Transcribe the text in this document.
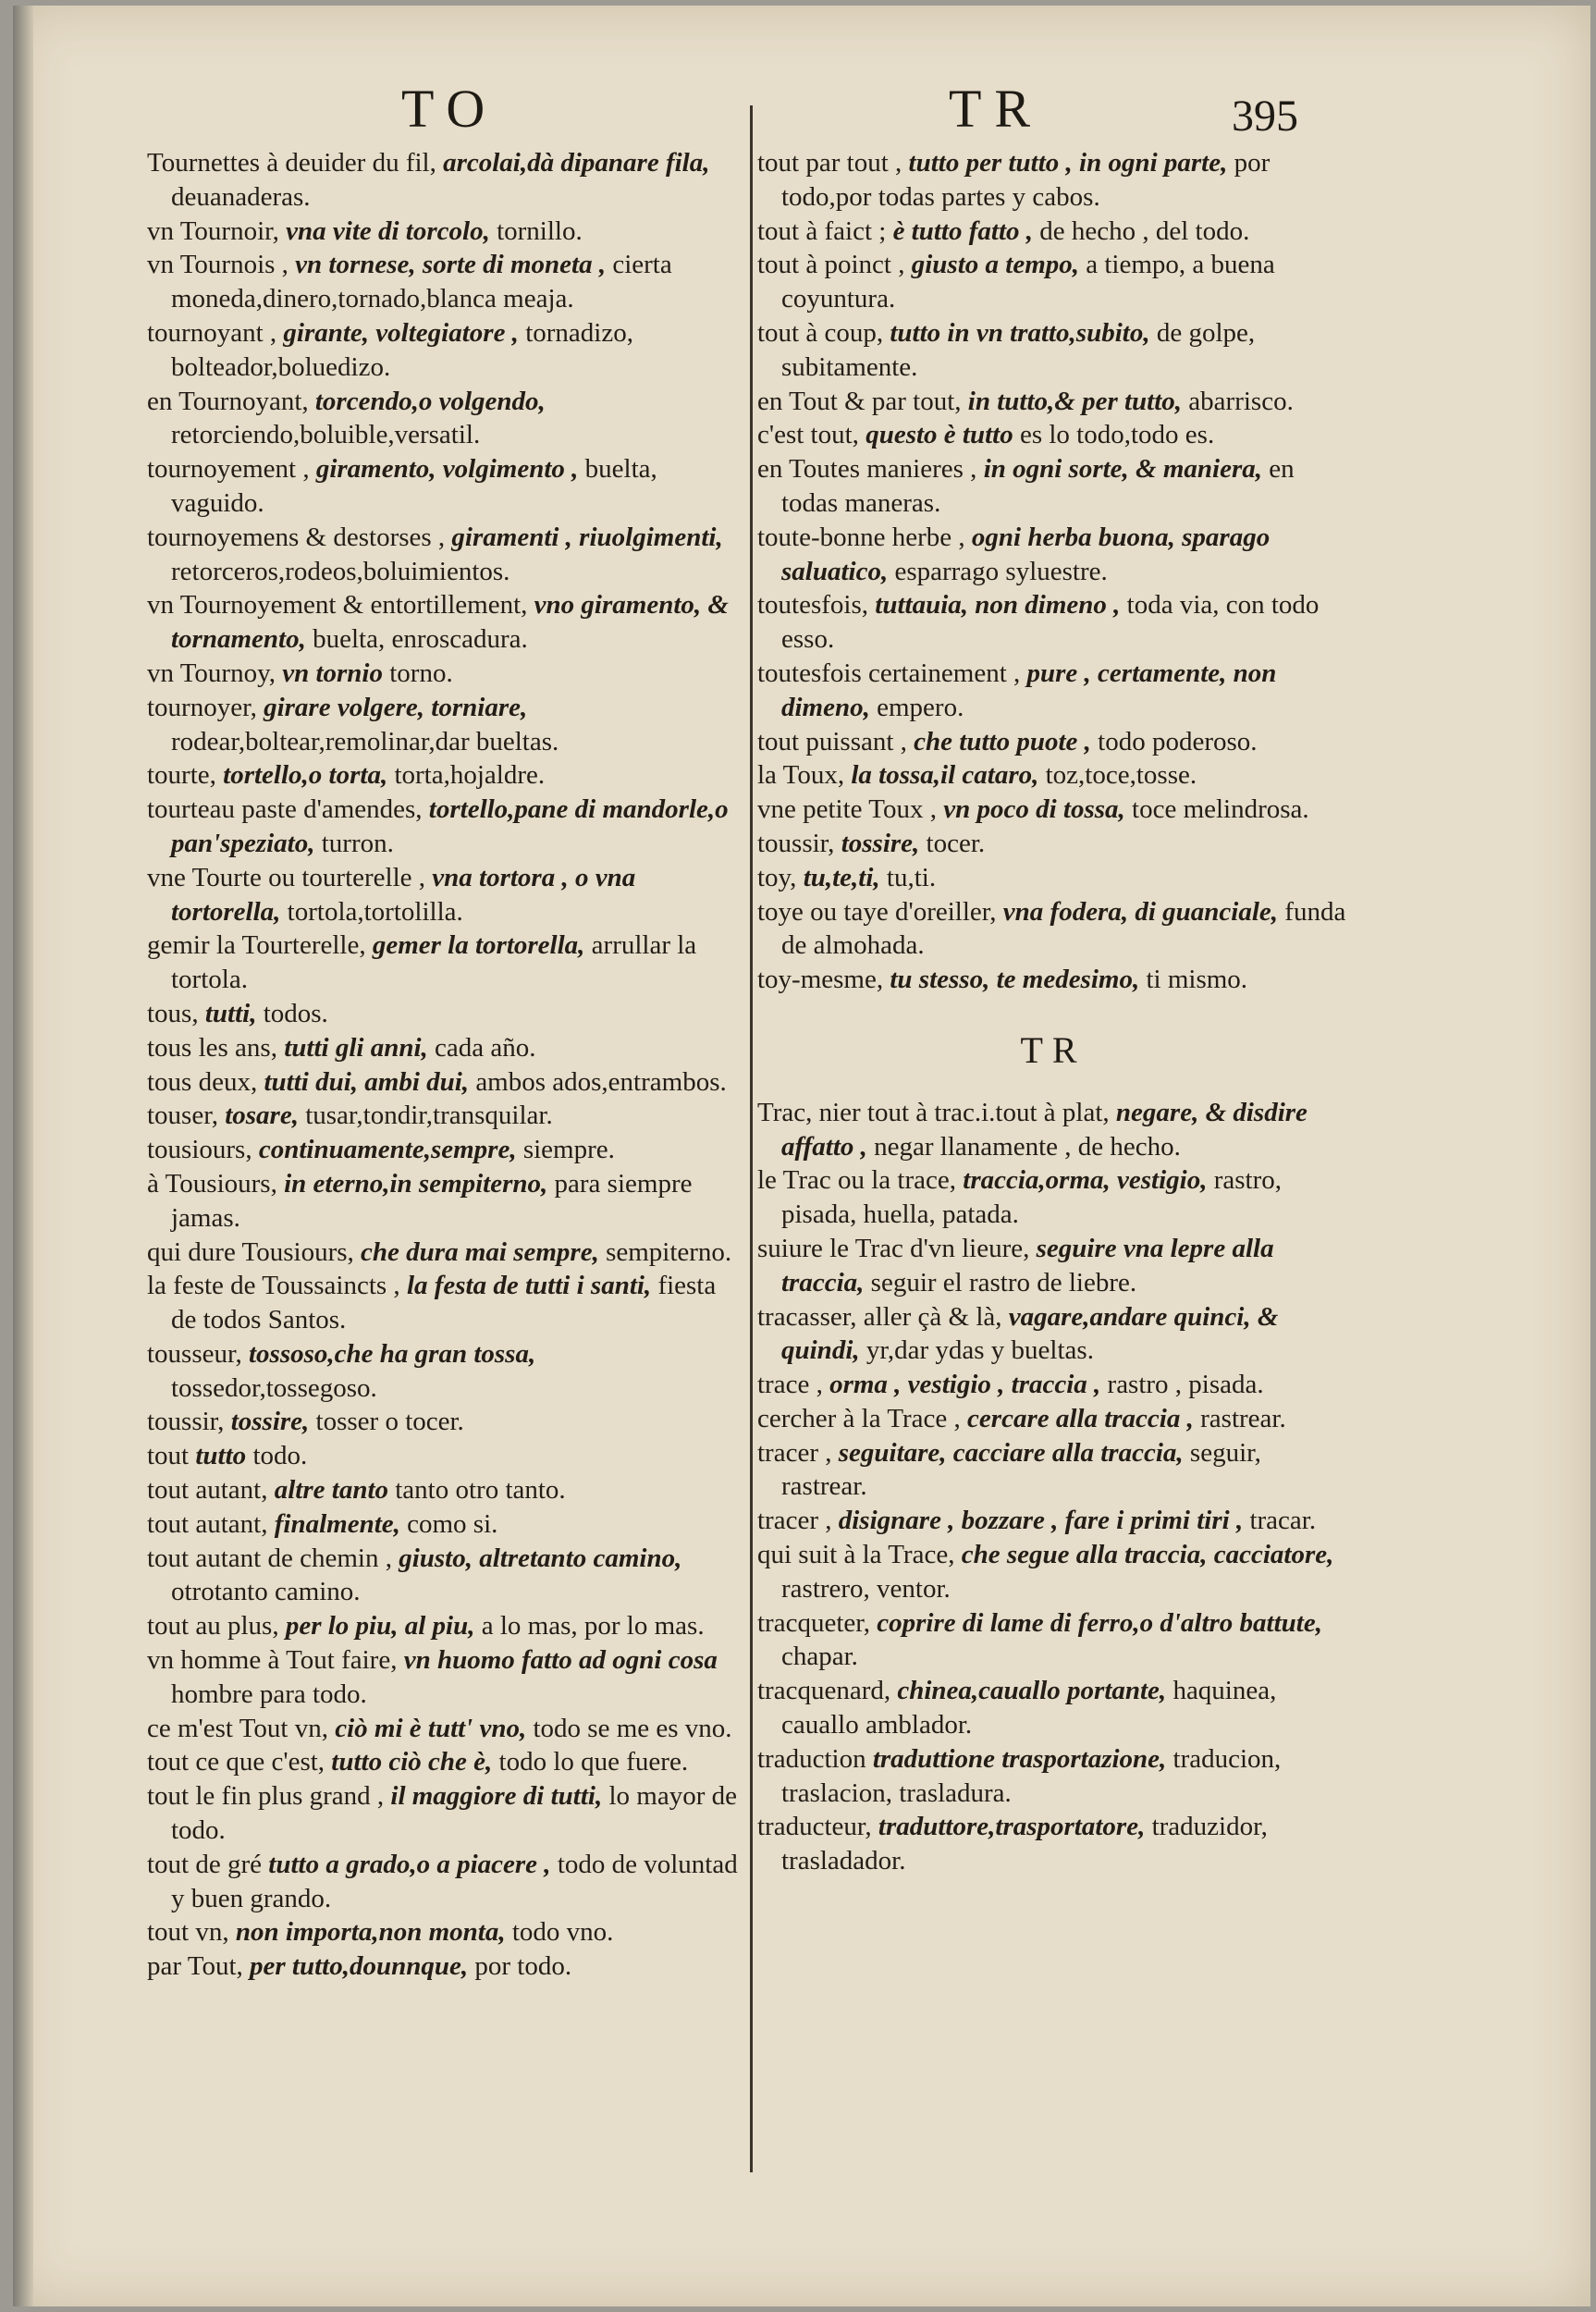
TO	TR	395

Tournettes à deuider du fil, arcolai,dà dipanare fila, deuanaderas.

vn Tournoir, vna vite di torcolo, tornillo.

vn Tournois , vn tornese, sorte di moneta , cierta moneda,dinero,tornado,blanca meaja.

tournoyant , girante, voltegiatore , tornadizo, bolteador,boluedizo.

en Tournoyant, torcendo,o volgendo, retorciendo,boluible,versatil.

tournoyement , giramento, volgimento , buelta, vaguido.

tournoyemens & destorses , giramenti , riuolgimenti, retorceros,rodeos,boluimientos.

vn Tournoyement & entortillement, vno giramento, & tornamento, buelta, enroscadura.

vn Tournoy, vn tornio torno.

tournoyer, girare volgere, torniare, rodear,boltear,remolinar,dar bueltas.

tourte, tortello,o torta, torta,hojaldre.

tourteau paste d'amendes, tortello,pane di mandorle,o pan'speziato, turron.

vne Tourte ou tourterelle , vna tortora , o vna tortorella, tortola,tortolilla.

gemir la Tourterelle, gemer la tortorella, arrullar la tortola.

tous, tutti, todos.

tous les ans, tutti gli anni, cada año.

tous deux, tutti dui, ambi dui, ambos ados,entrambos.

touser, tosare, tusar,tondir,transquilar.

tousiours, continuamente,sempre, siempre.

à Tousiours, in eterno,in sempiterno, para siempre jamas.

qui dure Tousiours, che dura mai sempre, sempiterno.

la feste de Toussaincts , la festa de tutti i santi, fiesta de todos Santos.

tousseur, tossoso,che ha gran tossa, tossedor,tossegoso.

toussir, tossire, tosser o tocer.

tout tutto todo.

tout autant, altre tanto tanto otro tanto.

tout autant, finalmente, como si.

tout autant de chemin , giusto, altretanto camino, otrotanto camino.

tout au plus, per lo piu, al piu, a lo mas, por lo mas.

vn homme à Tout faire, vn huomo fatto ad ogni cosa hombre para todo.

ce m'est Tout vn, ciò mi è tutt' vno, todo se me es vno.

tout ce que c'est, tutto ciò che è, todo lo que fuere.

tout le fin plus grand , il maggiore di tutti, lo mayor de todo.

tout de gré tutto a grado,o a piacere , todo de voluntad y buen grando.

tout vn, non importa,non monta, todo vno.

par Tout, per tutto,dounnque, por todo.

tout par tout , tutto per tutto , in ogni parte, por todo,por todas partes y cabos.

tout à faict ; è tutto fatto , de hecho , del todo.

tout à poinct , giusto a tempo, a tiempo, a buena coyuntura.

tout à coup, tutto in vn tratto,subito, de golpe, subitamente.

en Tout & par tout, in tutto,& per tutto, abarrisco.

c'est tout, questo è tutto es lo todo,todo es.

en Toutes manieres , in ogni sorte, & maniera, en todas maneras.

toute-bonne herbe , ogni herba buona, sparago saluatico, esparrago syluestre.

toutesfois, tuttauia, non dimeno , toda via, con todo esso.

toutesfois certainement , pure , certamente, non dimeno, empero.

tout puissant , che tutto puote , todo poderoso.

la Toux, la tossa,il cataro, toz,toce,tosse.

vne petite Toux , vn poco di tossa, toce melindrosa.

toussir, tossire, tocer.

toy, tu,te,ti, tu,ti.

toye ou taye d'oreiller, vna fodera, di guanciale, funda de almohada.

toy-mesme, tu stesso, te medesimo, ti mismo.

TR

Trac, nier tout à trac.i.tout à plat, negare, & disdire affatto , negar llanamente , de hecho.

le Trac ou la trace, traccia,orma, vestigio, rastro, pisada, huella, patada.

suiure le Trac d'vn lieure, seguire vna lepre alla traccia, seguir el rastro de liebre.

tracasser, aller çà & là, vagare,andare quinci, & quindi, yr,dar ydas y bueltas.

trace , orma , vestigio , traccia , rastro , pisada.

cercher à la Trace , cercare alla traccia , rastrear.

tracer , seguitare, cacciare alla traccia, seguir, rastrear.

tracer , disignare , bozzare , fare i primi tiri , tracar.

qui suit à la Trace, che segue alla traccia, cacciatore, rastrero, ventor.

tracqueter, coprire di lame di ferro,o d'altro battute, chapar.

tracquenard, chinea,cauallo portante, haquinea, cauallo amblador.

traduction traduttione trasportazione, traducion, traslacion, trasladura.

traducteur, traduttore,trasportatore, traduzidor, trasladador.
